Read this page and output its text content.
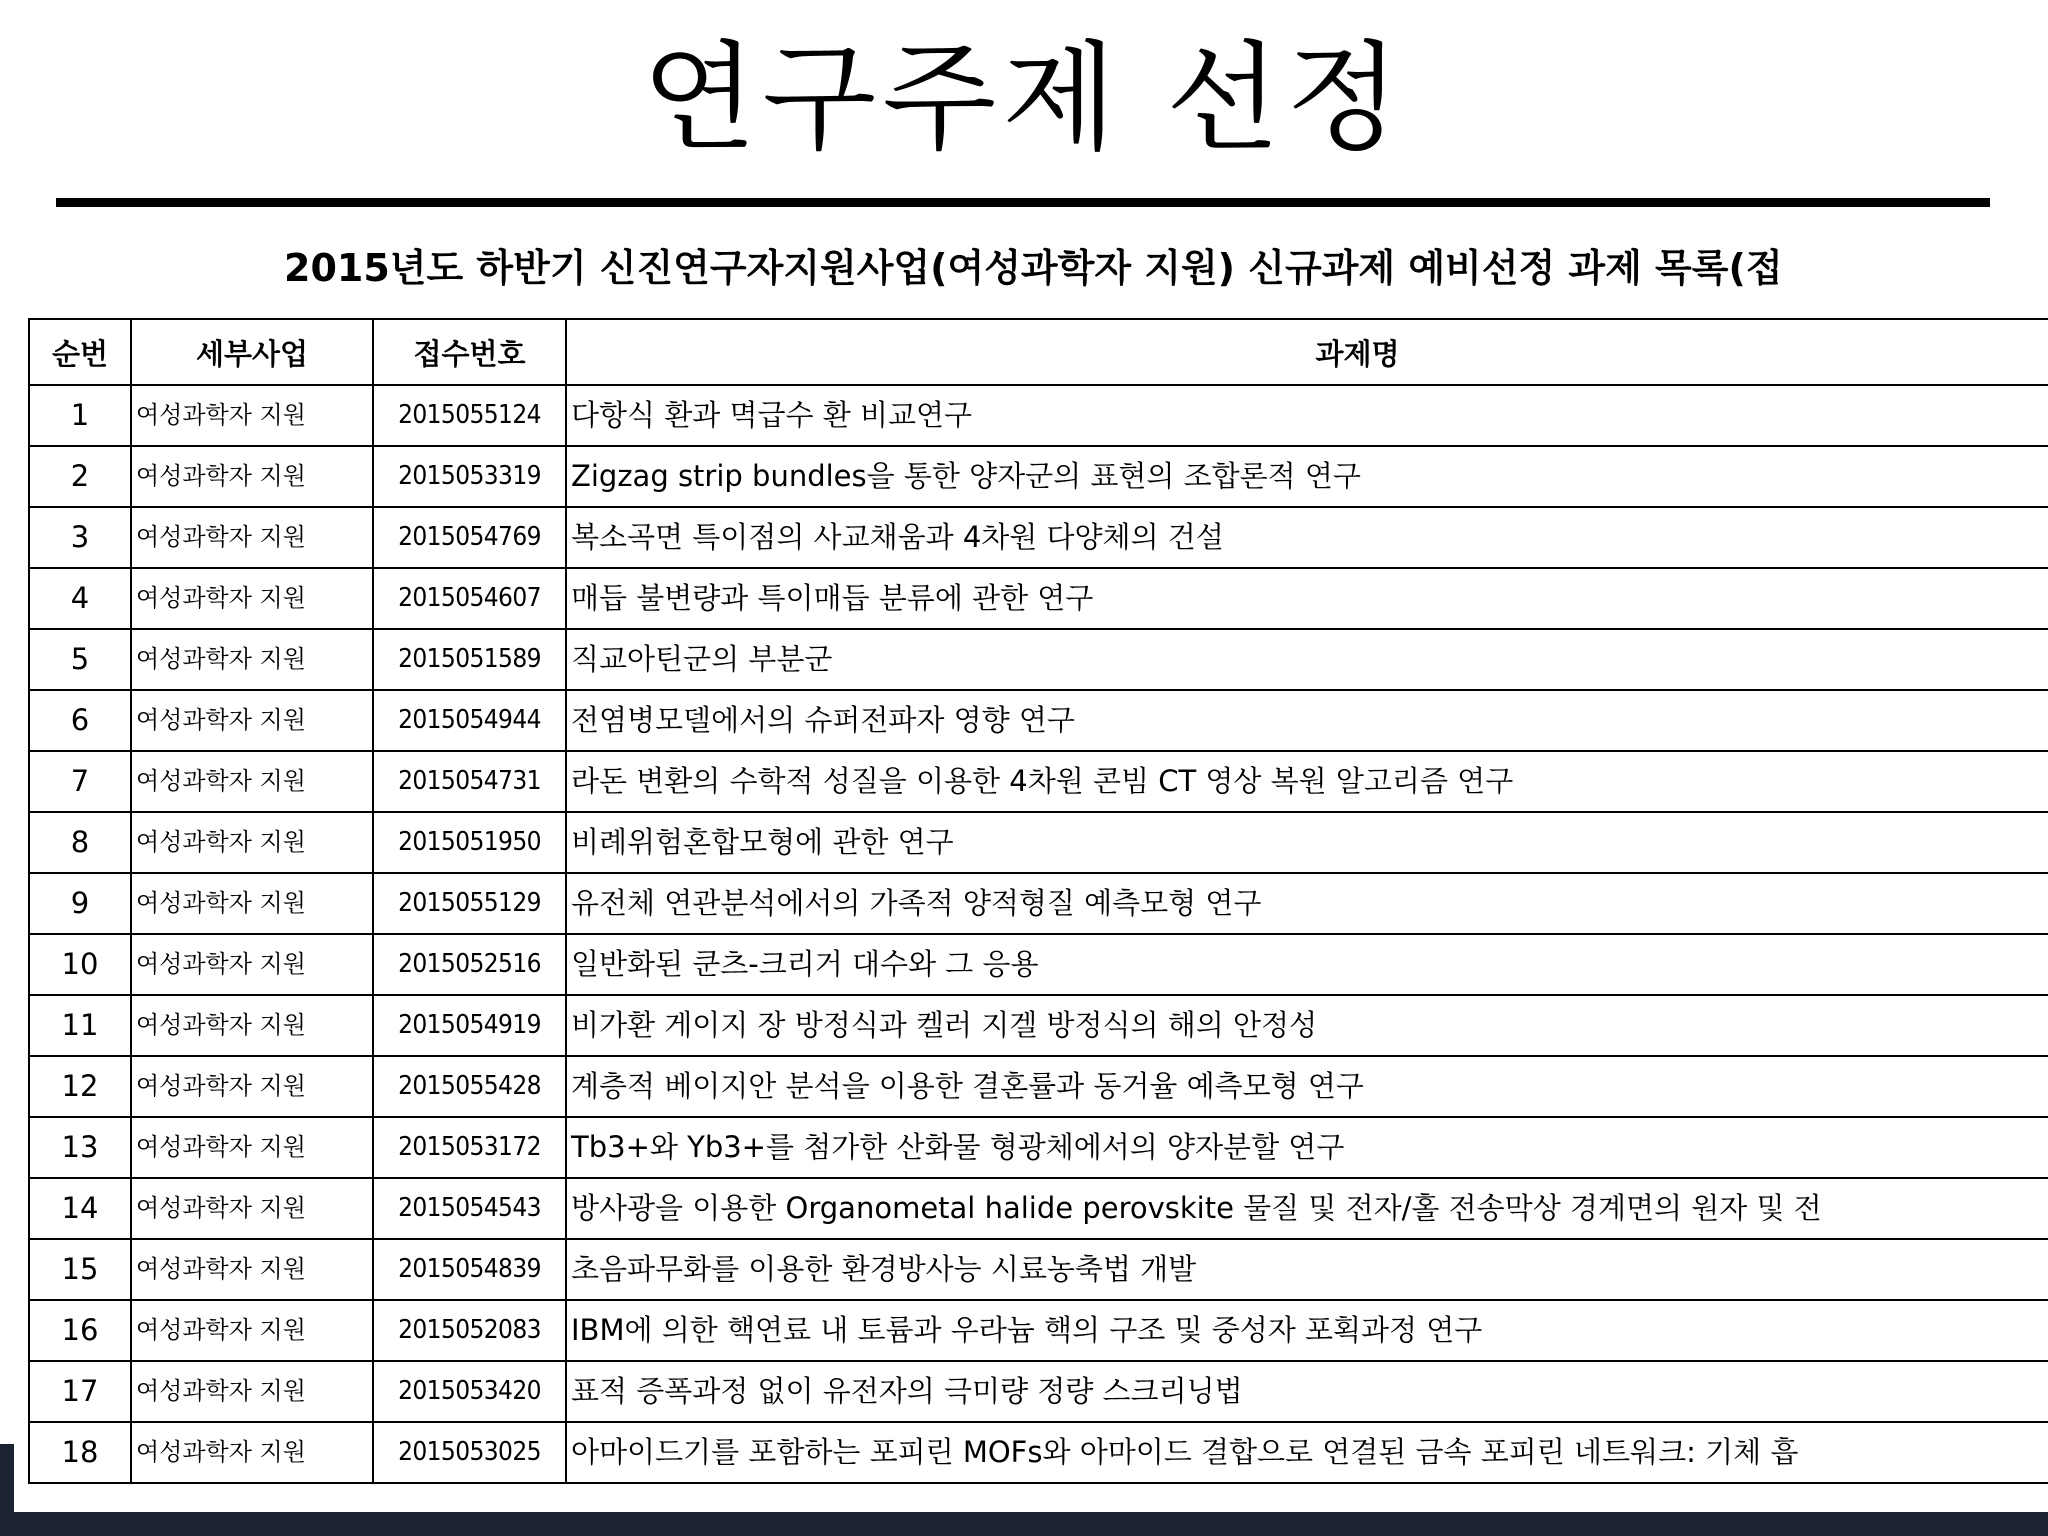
연구주제 선정
2015년도 하반기 신진연구자지원사업(여성과학자 지원) 신규과제 예비선정 과제 목록(접
순번	세부사업	접수번호	과제명
1	여성과학자 지원	2015055124	다항식 환과 멱급수 환 비교연구
2	여성과학자 지원	2015053319	Zigzag strip bundles을 통한 양자군의 표현의 조합론적 연구
3	여성과학자 지원	2015054769	복소곡면 특이점의 사교채움과 4차원 다양체의 건설
4	여성과학자 지원	2015054607	매듭 불변량과 특이매듭 분류에 관한 연구
5	여성과학자 지원	2015051589	직교아틴군의 부분군
6	여성과학자 지원	2015054944	전염병모델에서의 슈퍼전파자 영향 연구
7	여성과학자 지원	2015054731	라돈 변환의 수학적 성질을 이용한 4차원 콘빔 CT 영상 복원 알고리즘 연구
8	여성과학자 지원	2015051950	비례위험혼합모형에 관한 연구
9	여성과학자 지원	2015055129	유전체 연관분석에서의 가족적 양적형질 예측모형 연구
10	여성과학자 지원	2015052516	일반화된 쿤츠-크리거 대수와 그 응용
11	여성과학자 지원	2015054919	비가환 게이지 장 방정식과 켈러 지겔 방정식의 해의 안정성
12	여성과학자 지원	2015055428	계층적 베이지안 분석을 이용한 결혼률과 동거율 예측모형 연구
13	여성과학자 지원	2015053172	Tb3+와 Yb3+를 첨가한 산화물 형광체에서의 양자분할 연구
14	여성과학자 지원	2015054543	방사광을 이용한 Organometal halide perovskite 물질 및 전자/홀 전송막상 경계면의 원자 및 전
15	여성과학자 지원	2015054839	초음파무화를 이용한 환경방사능 시료농축법 개발
16	여성과학자 지원	2015052083	IBM에 의한 핵연료 내 토륨과 우라늄 핵의 구조 및 중성자 포획과정 연구
17	여성과학자 지원	2015053420	표적 증폭과정 없이 유전자의 극미량 정량 스크리닝법
18	여성과학자 지원	2015053025	아마이드기를 포함하는 포피린 MOFs와 아마이드 결합으로 연결된 금속 포피린 네트워크: 기체 흡
